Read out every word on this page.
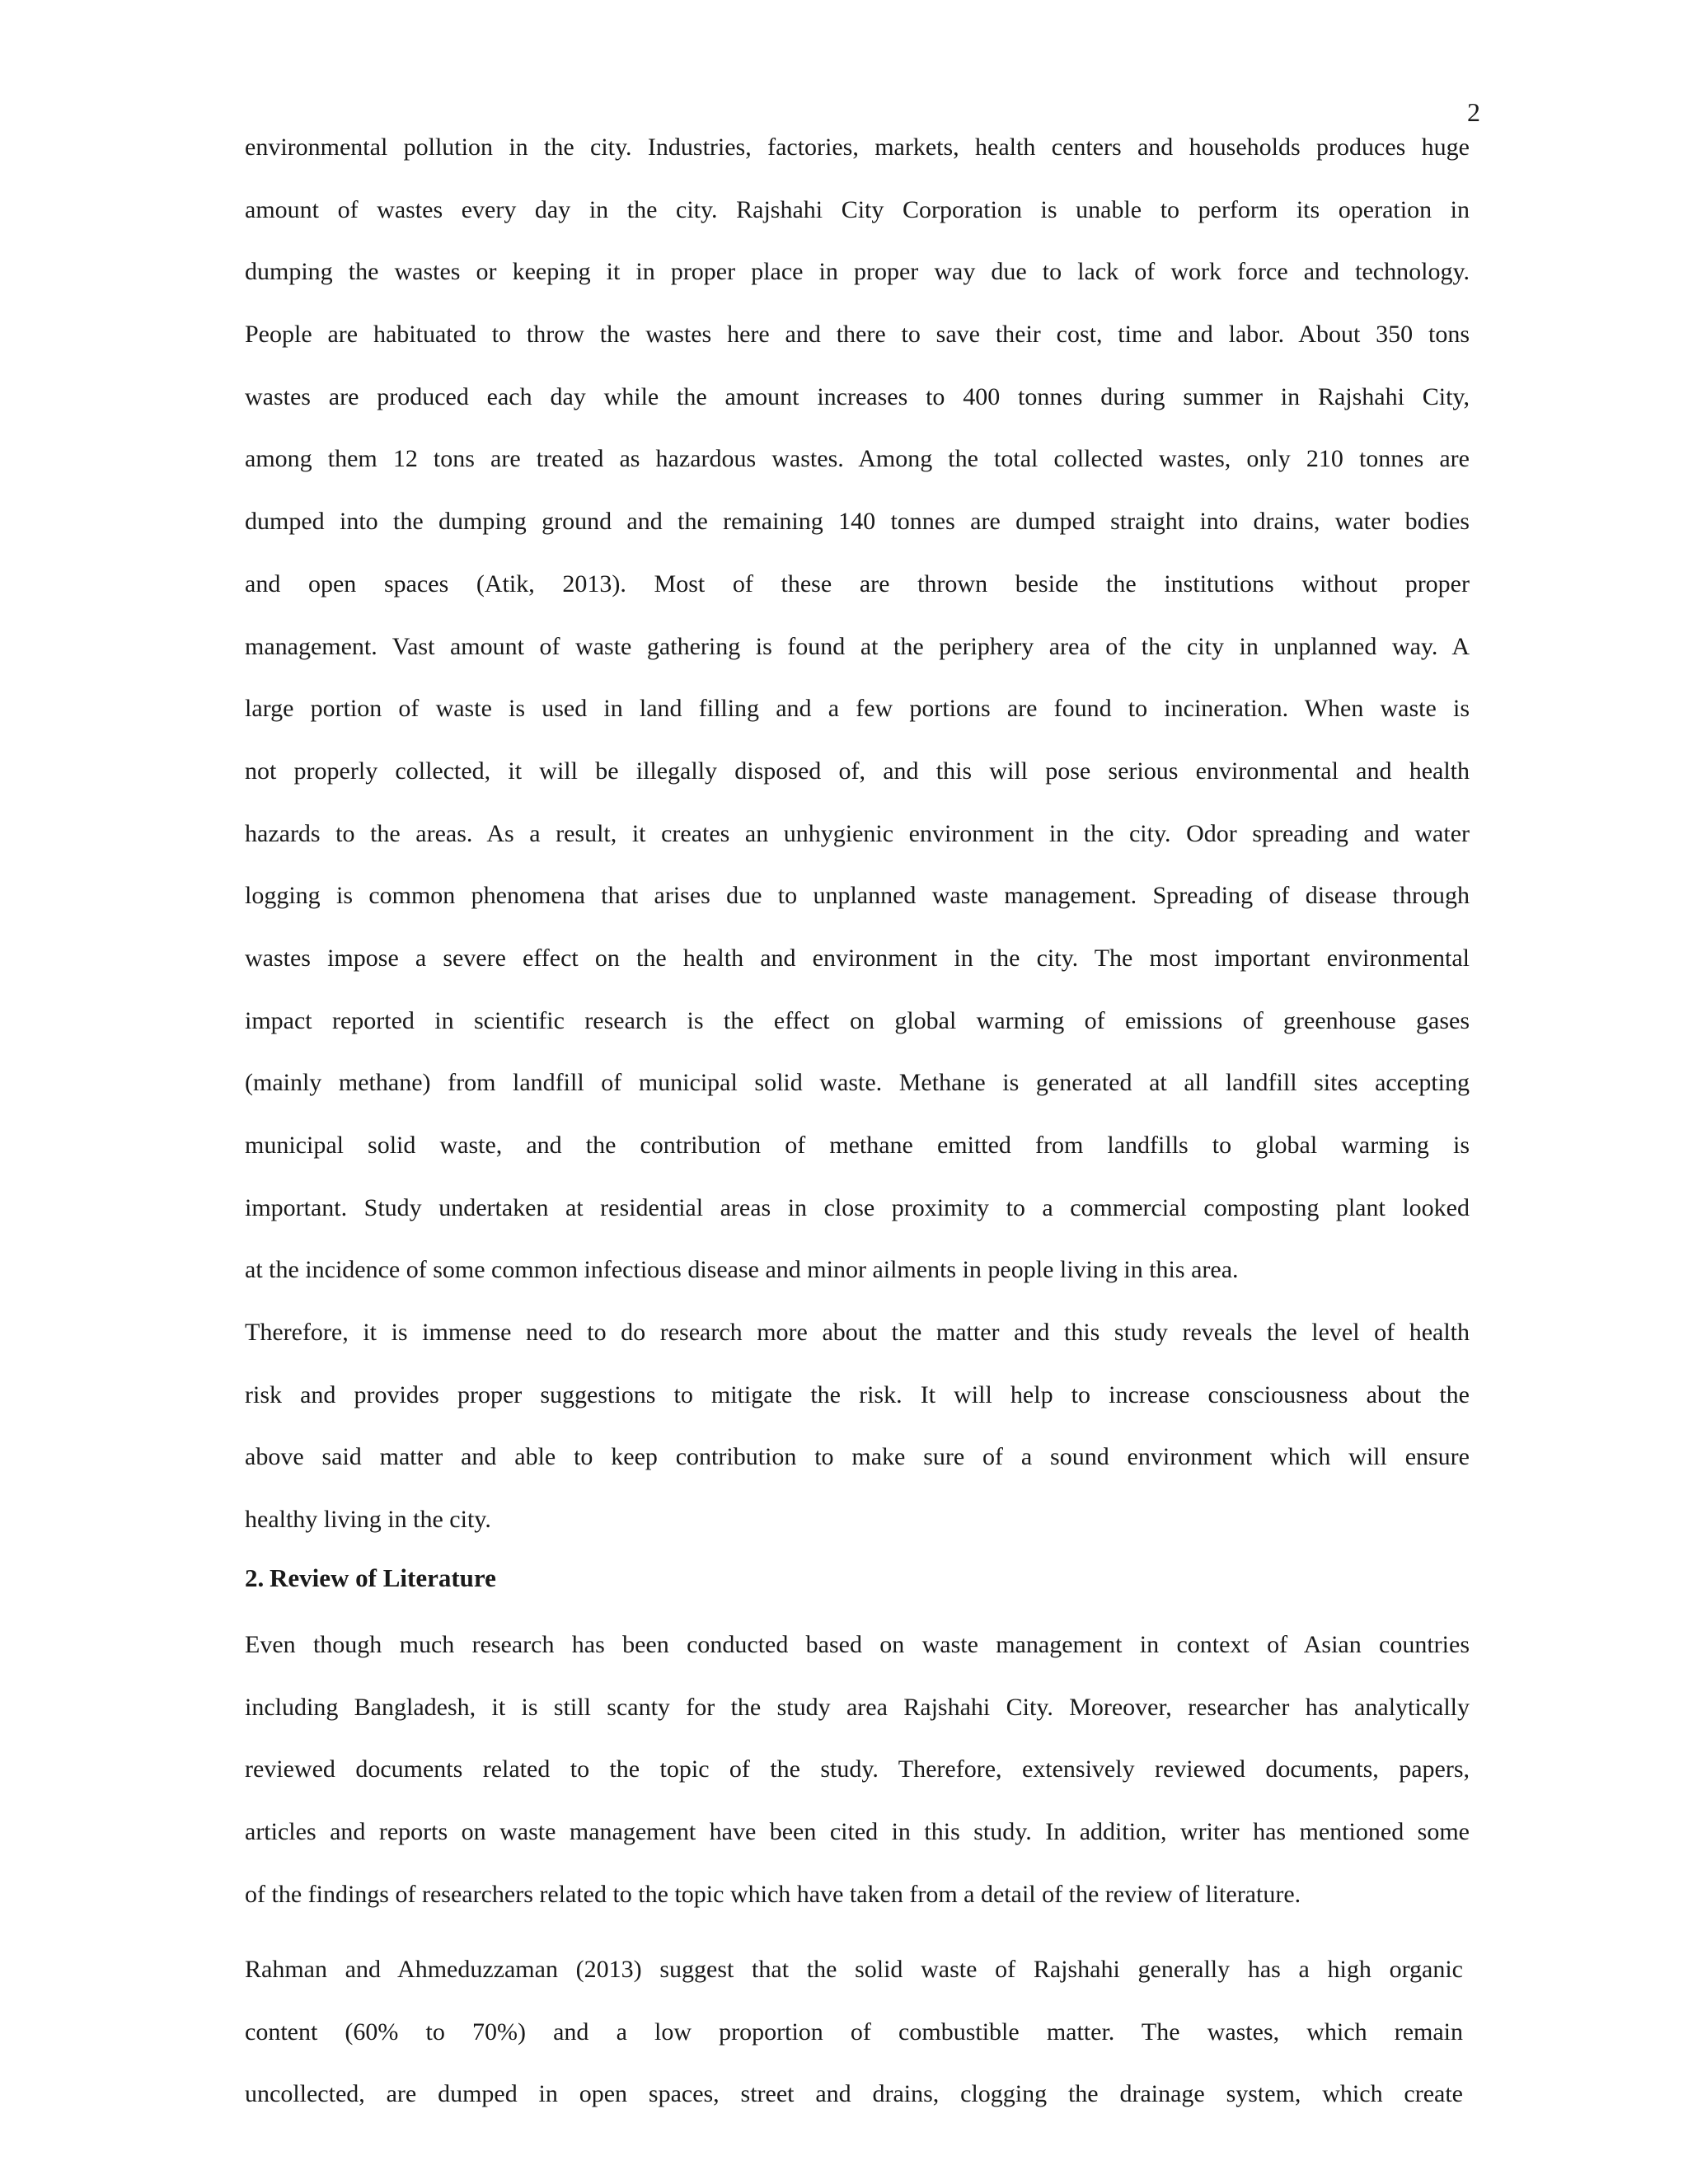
2
environmental pollution in the city. Industries, factories, markets, health centers and households produces huge
amount of wastes every day in the city. Rajshahi City Corporation is unable to perform its operation in
dumping the wastes or keeping it in proper place in proper way due to lack of work force and technology.
People are habituated to throw the wastes here and there to save their cost, time and labor. About 350 tons
wastes are produced each day while the amount increases to 400 tonnes during summer in Rajshahi City,
among them 12 tons are treated as hazardous wastes. Among the total collected wastes, only 210 tonnes are
dumped into the dumping ground and the remaining 140 tonnes are dumped straight into drains, water bodies
and open spaces (Atik, 2013). Most of these are thrown beside the institutions without proper
management. Vast amount of waste gathering is found at the periphery area of the city in unplanned way. A
large portion of waste is used in land filling and a few portions are found to incineration. When waste is
not properly collected, it will be illegally disposed of, and this will pose serious environmental and health
hazards to the areas. As a result, it creates an unhygienic environment in the city. Odor spreading and water
logging is common phenomena that arises due to unplanned waste management. Spreading of disease through
wastes impose a severe effect on the health and environment in the city. The most important environmental
impact reported in scientific research is the effect on global warming of emissions of greenhouse gases
(mainly methane) from landfill of municipal solid waste. Methane is generated at all landfill sites accepting
municipal solid waste, and the contribution of methane emitted from landfills to global warming is
important. Study undertaken at residential areas in close proximity to a commercial composting plant looked
at the incidence of some common infectious disease and minor ailments in people living in this area.
Therefore, it is immense need to do research more about the matter and this study reveals the level of health
risk and provides proper suggestions to mitigate the risk. It will help to increase consciousness about the
above said matter and able to keep contribution to make sure of a sound environment which will ensure
healthy living in the city.
2. Review of Literature
Even though much research has been conducted based on waste management in context of Asian countries
including Bangladesh, it is still scanty for the study area Rajshahi City. Moreover, researcher has analytically
reviewed documents related to the topic of the study. Therefore, extensively reviewed documents, papers,
articles and reports on waste management have been cited in this study. In addition, writer has mentioned some
of the findings of researchers related to the topic which have taken from a detail of the review of literature.
Rahman and Ahmeduzzaman (2013) suggest that the solid waste of Rajshahi generally has a high organic
content (60% to 70%) and a low proportion of combustible matter. The wastes, which remain
uncollected, are dumped in open spaces, street and drains, clogging the drainage system, which create
